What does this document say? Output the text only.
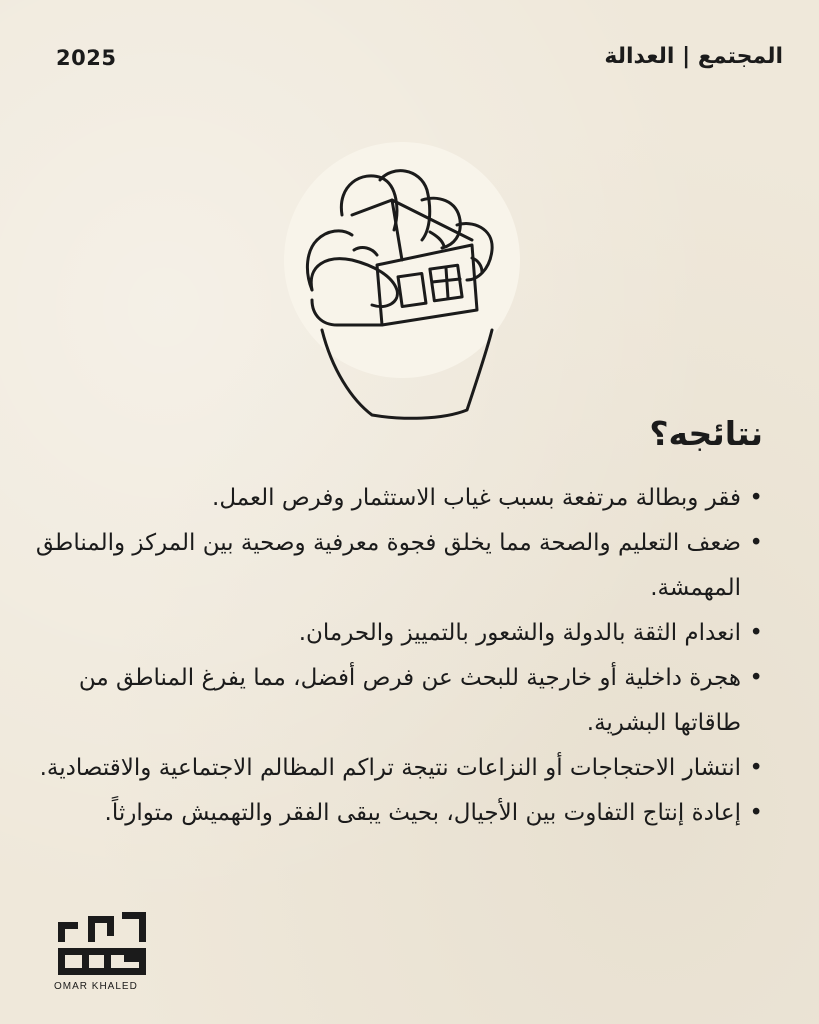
2025	المجتمع | العدالة
نتائجه؟
• فقر وبطالة مرتفعة بسبب غياب الاستثمار وفرص العمل.
• ضعف التعليم والصحة مما يخلق فجوة معرفية وصحية بين المركز والمناطق المهمشة.
• انعدام الثقة بالدولة والشعور بالتمييز والحرمان.
• هجرة داخلية أو خارجية للبحث عن فرص أفضل، مما يفرغ المناطق من طاقاتها البشرية.
• انتشار الاحتجاجات أو النزاعات نتيجة تراكم المظالم الاجتماعية والاقتصادية.
• إعادة إنتاج التفاوت بين الأجيال، بحيث يبقى الفقر والتهميش متوارثاً.
OMAR KHALED
